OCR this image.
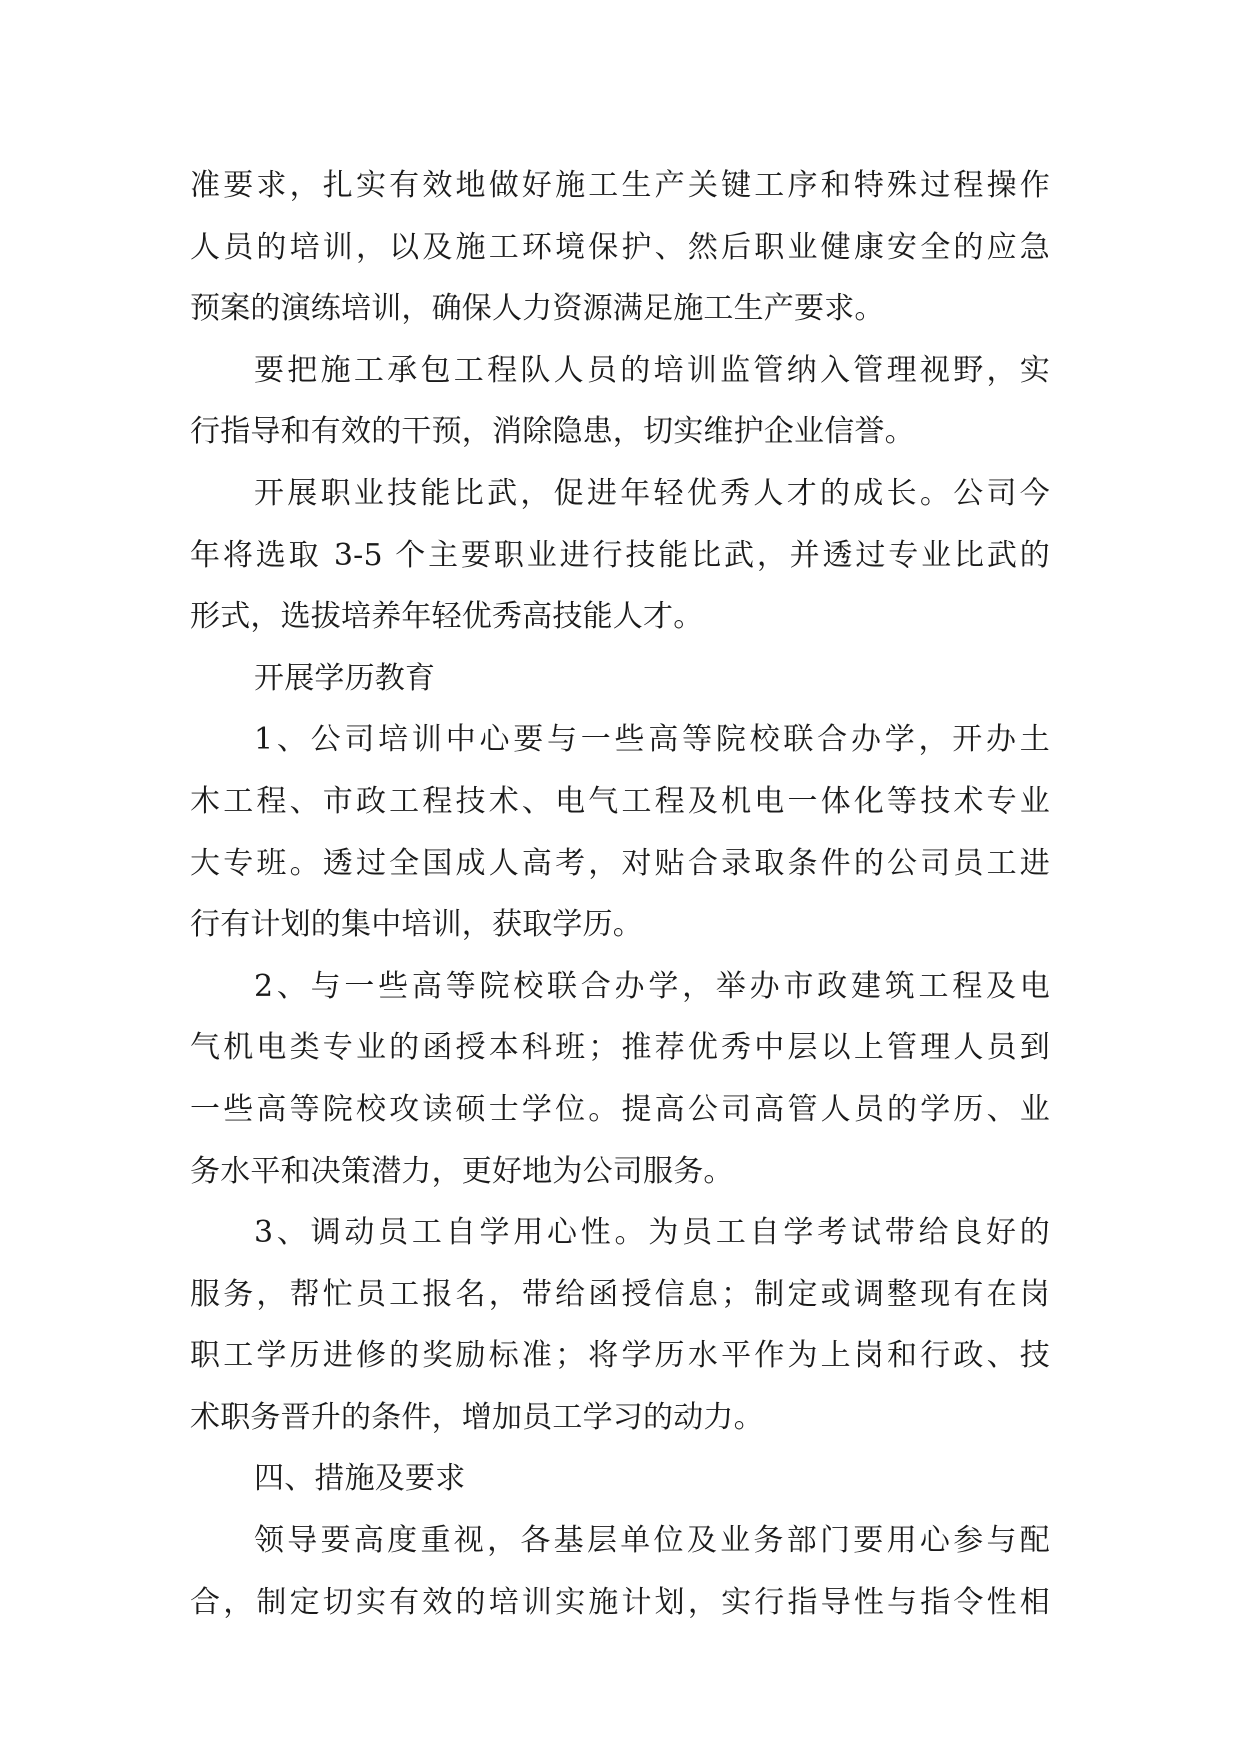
准要求，扎实有效地做好施工生产关键工序和特殊过程操作
人员的培训，以及施工环境保护、然后职业健康安全的应急
预案的演练培训，确保人力资源满足施工生产要求。
要把施工承包工程队人员的培训监管纳入管理视野，实
行指导和有效的干预，消除隐患，切实维护企业信誉。
开展职业技能比武，促进年轻优秀人才的成长。公司今
年将选取 3-5 个主要职业进行技能比武，并透过专业比武的
形式，选拔培养年轻优秀高技能人才。
开展学历教育
1、公司培训中心要与一些高等院校联合办学，开办土
木工程、市政工程技术、电气工程及机电一体化等技术专业
大专班。透过全国成人高考，对贴合录取条件的公司员工进
行有计划的集中培训，获取学历。
2、与一些高等院校联合办学，举办市政建筑工程及电
气机电类专业的函授本科班；推荐优秀中层以上管理人员到
一些高等院校攻读硕士学位。提高公司高管人员的学历、业
务水平和决策潜力，更好地为公司服务。
3、调动员工自学用心性。为员工自学考试带给良好的
服务，帮忙员工报名，带给函授信息；制定或调整现有在岗
职工学历进修的奖励标准；将学历水平作为上岗和行政、技
术职务晋升的条件，增加员工学习的动力。
四、措施及要求
领导要高度重视，各基层单位及业务部门要用心参与配
合，制定切实有效的培训实施计划，实行指导性与指令性相
